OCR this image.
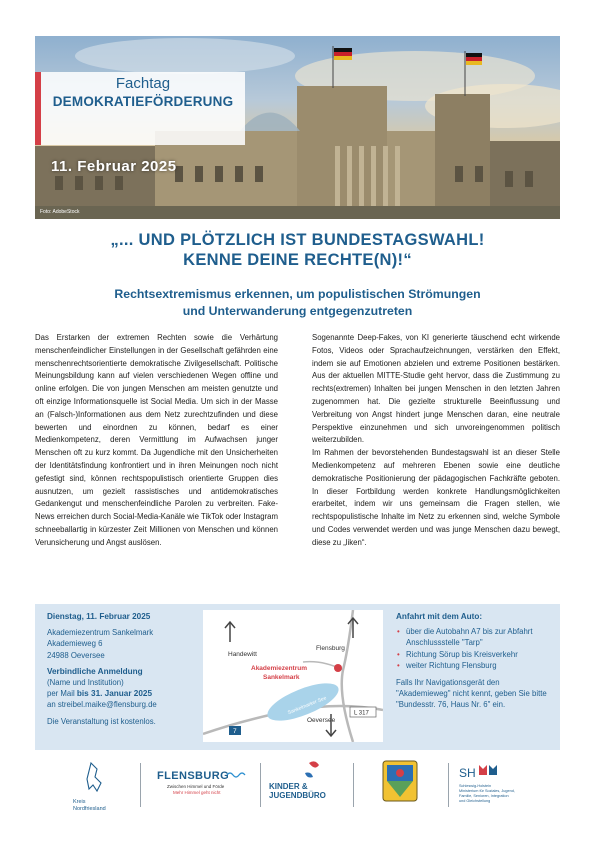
Fachtag
DEMOKRATIEFÖRDERUNG
11. Februar 2025
Foto: AdobeStock
„... UND PLÖTZLICH IST BUNDESTAGSWAHL!
KENNE DEINE RECHTE(N)!“
Rechtsextremismus erkennen, um populistischen Strömungen
und Unterwanderung entgegenzutreten
Das Erstarken der extremen Rechten sowie die Verhärtung menschenfeindlicher Einstellungen in der Gesellschaft gefährden eine menschenrechtsorientierte demokratische Zivilgesellschaft. Politische Meinungsbildung kann auf vielen verschiedenen Wegen offline und online erfolgen. Die von jungen Menschen am meisten genutzte und oft einzige Informationsquelle ist Social Media. Um sich in der Masse an (Falsch-)Informationen aus dem Netz zurechtzufinden und diese bewerten und einordnen zu können, bedarf es einer Medienkompetenz, deren Vermittlung im Aufwachsen junger Menschen oft zu kurz kommt. Da Jugendliche mit den Unsicherheiten der Identitätsfindung konfrontiert und in ihren Meinungen noch nicht gefestigt sind, können rechtspopulistisch orientierte Gruppen dies ausnutzen, um gezielt rassistisches und antidemokratisches Gedankengut und menschenfeindliche Parolen zu verbreiten. Fake-News erreichen durch Social-Media-Kanäle wie TikTok oder Instagram schneeballartig in kürzester Zeit Millionen von Menschen und können Verunsicherung und Angst auslösen.
Sogenannte Deep-Fakes, von KI generierte täuschend echt wirkende Fotos, Videos oder Sprachaufzeichnungen, verstärken den Effekt, indem sie auf Emotionen abzielen und extreme Positionen bestärken. Aus der aktuellen MITTE-Studie geht hervor, dass die Zustimmung zu rechts(extremen) Inhalten bei jungen Menschen in den letzten Jahren zugenommen hat. Die gezielte strukturelle Beeinflussung und Verbreitung von Angst hindert junge Menschen daran, eine neutrale Perspektive einzunehmen und sich unvoreingenommen politisch weiterzubilden.
Im Rahmen der bevorstehenden Bundestagswahl ist an dieser Stelle Medienkompetenz auf mehreren Ebenen sowie eine deutliche demokratische Positionierung der pädagogischen Fachkräfte geboten. In dieser Fortbildung werden konkrete Handlungsmöglichkeiten erarbeitet, indem wir uns gemeinsam die Fragen stellen, wie rechtspopulistische Inhalte im Netz zu erkennen sind, welche Symbole und Codes verwendet werden und was junge Menschen dazu bewegt, diese zu „liken“.
Dienstag, 11. Februar 2025
Akademiezentrum Sankelmark
Akademieweg 6
24988 Oeversee
Verbindliche Anmeldung
(Name und Institution)
per Mail bis 31. Januar 2025
an streibel.maike@flensburg.de
Die Veranstaltung ist kostenlos.
Sankelmarker See
Handewitt
Flensburg
Akademiezentrum
Sankelmark
Oeversee
L 317
7
Anfahrt mit dem Auto:
• über die Autobahn A7 bis zur Abfahrt Anschlussstelle "Tarp"
• Richtung Sörup bis Kreisverkehr
• weiter Richtung Flensburg
Falls Ihr Navigationsgerät den "Akademieweg" nicht kennt, geben Sie bitte "Bundesstr. 76, Haus Nr. 6" ein.
Kreis
Nordfriesland
FLENSBURG
Zwischen Himmel und Förde
Mehr Himmel geht nicht
KINDER &
JUGENDBÜRO
SH
Schleswig-Holstein
Ministerium für Soziales, Jugend,
Familie, Senioren, Integration
und Gleichstellung
